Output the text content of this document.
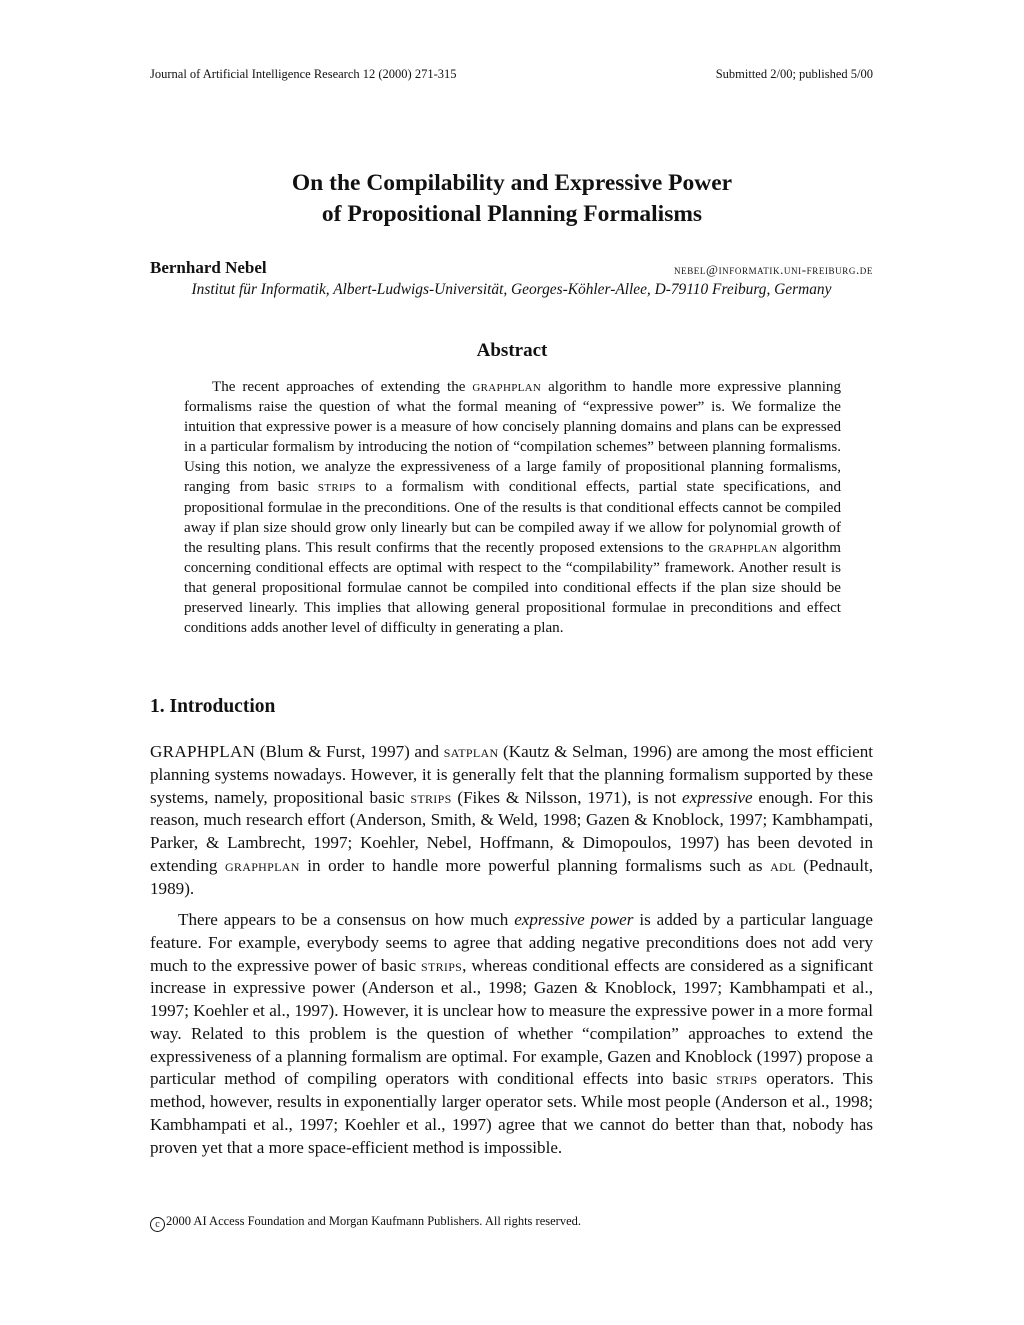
Journal of Artificial Intelligence Research 12 (2000) 271-315	Submitted 2/00; published 5/00
On the Compilability and Expressive Power
of Propositional Planning Formalisms
Bernhard Nebel	nebel@informatik.uni-freiburg.de
Institut für Informatik, Albert-Ludwigs-Universität, Georges-Köhler-Allee, D-79110 Freiburg, Germany
Abstract

The recent approaches of extending the graphplan algorithm to handle more expressive planning formalisms raise the question of what the formal meaning of “expressive power” is. We formalize the intuition that expressive power is a measure of how concisely planning domains and plans can be expressed in a particular formalism by introducing the notion of “compilation schemes” between planning formalisms. Using this notion, we analyze the expressiveness of a large family of propositional planning formalisms, ranging from basic strips to a formalism with conditional effects, partial state specifications, and propositional formulae in the preconditions. One of the results is that conditional effects cannot be compiled away if plan size should grow only linearly but can be compiled away if we allow for polynomial growth of the resulting plans. This result confirms that the recently proposed extensions to the graphplan algorithm concerning conditional effects are optimal with respect to the “compilability” framework. Another result is that general propositional formulae cannot be compiled into conditional effects if the plan size should be preserved linearly. This implies that allowing general propositional formulae in preconditions and effect conditions adds another level of difficulty in generating a plan.

1. Introduction

GRAPHPLAN (Blum & Furst, 1997) and satplan (Kautz & Selman, 1996) are among the most efficient planning systems nowadays. However, it is generally felt that the planning formalism supported by these systems, namely, propositional basic strips (Fikes & Nilsson, 1971), is not expressive enough. For this reason, much research effort (Anderson, Smith, & Weld, 1998; Gazen & Knoblock, 1997; Kambhampati, Parker, & Lambrecht, 1997; Koehler, Nebel, Hoffmann, & Dimopoulos, 1997) has been devoted in extending graphplan in order to handle more powerful planning formalisms such as adl (Pednault, 1989).

There appears to be a consensus on how much expressive power is added by a particular language feature. For example, everybody seems to agree that adding negative preconditions does not add very much to the expressive power of basic strips, whereas conditional effects are considered as a significant increase in expressive power (Anderson et al., 1998; Gazen & Knoblock, 1997; Kambhampati et al., 1997; Koehler et al., 1997). However, it is unclear how to measure the expressive power in a more formal way. Related to this problem is the question of whether “compilation” approaches to extend the expressiveness of a planning formalism are optimal. For example, Gazen and Knoblock (1997) propose a particular method of compiling operators with conditional effects into basic strips operators. This method, however, results in exponentially larger operator sets. While most people (Anderson et al., 1998; Kambhampati et al., 1997; Koehler et al., 1997) agree that we cannot do better than that, nobody has proven yet that a more space-efficient method is impossible.

c 2000 AI Access Foundation and Morgan Kaufmann Publishers. All rights reserved.
